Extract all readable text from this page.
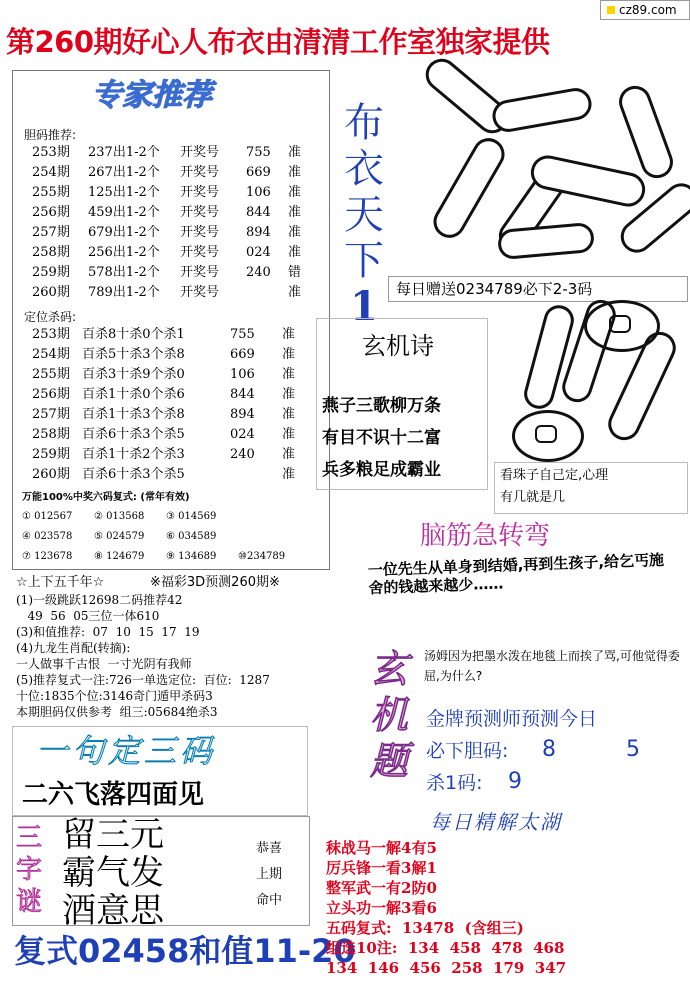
cz89.com
第260期好心人布衣由清清工作室独家提供
专家推荐
胆码推荐:
253期 237出1-2个 开奖号 755 准
254期 267出1-2个 开奖号 669 准
255期 125出1-2个 开奖号 106 准
256期 459出1-2个 开奖号 844 准
257期 679出1-2个 开奖号 894 准
258期 256出1-2个 开奖号 024 准
259期 578出1-2个 开奖号 240 错
260期 789出1-2个 开奖号	准
定位杀码:
253期 百杀8十杀0个杀1	755 准
254期 百杀5十杀3个杀8	669 准
255期 百杀3十杀9个杀0	106 准
256期 百杀1十杀0个杀6	844 准
257期 百杀1十杀3个杀8	894 准
258期 百杀6十杀3个杀5	024 准
259期 百杀1十杀2个杀3	240 准
260期 百杀6十杀3个杀5	准
万能100%中奖六码复式: (常年有效)
① 012567 ② 013568 ③ 014569
④ 023578 ⑤ 024579 ⑥ 034589
⑦ 123678 ⑧ 124679 ⑨ 134689 ⑩234789
布
衣
天
下
1	每日赠送0234789必下2-3码
玄机诗
燕子三歌柳万条
有目不识十二富
兵多粮足成霸业	看珠子自己定,心理
有几就是几
脑筋急转弯
一位先生从单身到结婚,再到生孩子,给乞丐施舍的钱越来越少……
☆上下五千年☆	※福彩3D预测260期※
(1)一级跳跃12698二码推荐42
49  56  05三位一体610
(3)和值推荐:  07  10  15  17  19
(4)九龙生肖配(转摘):
一人做事千古恨  一寸光阴有我师
(5)推荐复式一注:726一单选定位:  百位:  1287
十位:1835个位:3146奇门遁甲杀码3
本期胆码仅供参考  组三:05684绝杀3
玄
机
题
汤姆因为把墨水泼在地毯上而挨了骂,可他觉得委屈,为什么?
金牌预测师预测今日
必下胆码: 8	5
杀1码: 9
一句定三码
二六飞落四面见
三
字
谜
留三元
霸气发
酒意思
恭喜
上期
命中
复式02458和值11-20
每日精解太湖
秣战马一解4有5
厉兵锋一看3解1
整军武一有2防0
立头功一解3看6
五码复式:  13478  (含组三)
组选10注:  134  458  478  468
134  146  456  258  179  347
